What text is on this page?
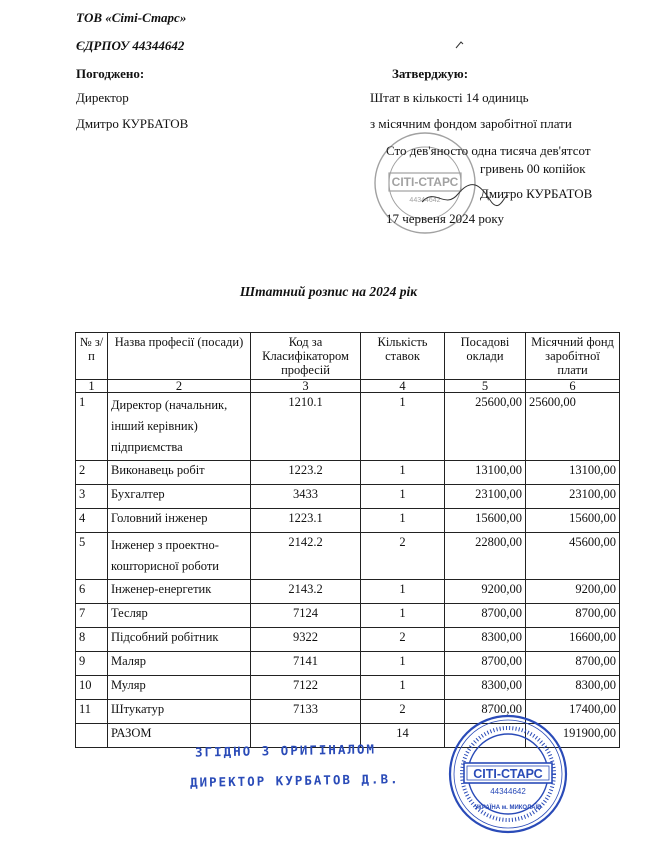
ТОВ «Сіті-Старс»
ЄДРПОУ 44344642
Погоджено:
Директор
Дмитро КУРБАТОВ
Затверджую:
Штат в кількості 14 одиниць
з місячним фондом заробітної плати
Сто дев'яносто одна тисяча дев'ятсот
гривень 00 копійок
Дмитро КУРБАТОВ
17 червеня 2024 року
СІТІ-СТАРС
44344642
Штатний розпис на 2024 рік
№ з/п	Назва професії (посади)	Код за Класифікатором професій	Кількість ставок	Посадові оклади	Місячний фонд заробітної плати
1	2	3	4	5	6
1	Директор (начальник, інший керівник) підприємства	1210.1	1	25600,00	25600,00
2	Виконавець робіт	1223.2	1	13100,00	13100,00
3	Бухгалтер	3433	1	23100,00	23100,00
4	Головний інженер	1223.1	1	15600,00	15600,00
5	Інженер з проектно-кошторисної роботи	2142.2	2	22800,00	45600,00
6	Інженер-енергетик	2143.2	1	9200,00	9200,00
7	Тесляр	7124	1	8700,00	8700,00
8	Підсобний робітник	9322	2	8300,00	16600,00
9	Маляр	7141	1	8700,00	8700,00
10	Муляр	7122	1	8300,00	8300,00
11	Штукатур	7133	2	8700,00	17400,00
	РАЗОМ		14		191900,00
ЗГІДНО З ОРИГІНАЛОМ
ДИРЕКТОР КУРБАТОВ Д.В.	СІТІ-СТАРС
44344642
УКРАЇНА м. МИКОЛАЇВ
